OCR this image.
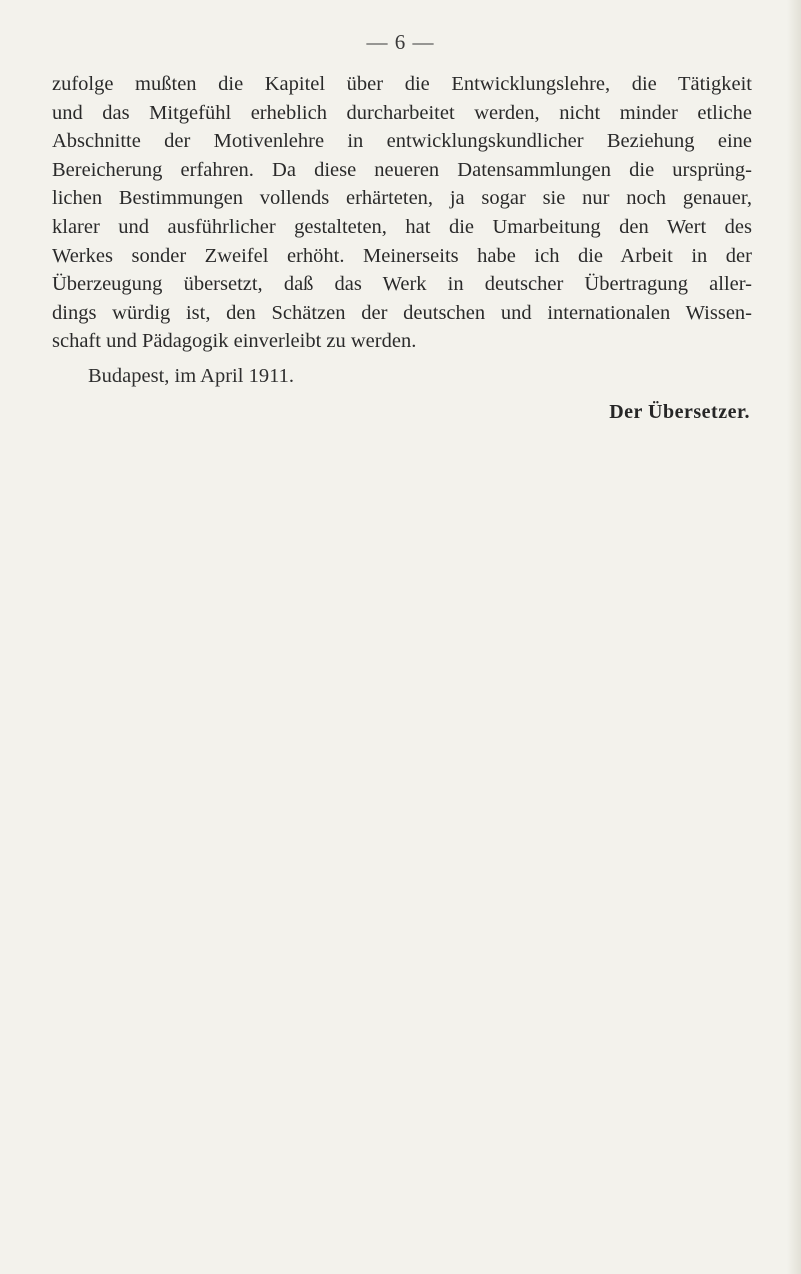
— 6 —
zufolge mußten die Kapitel über die Entwicklungslehre, die Tätigkeit
und das Mitgefühl erheblich durcharbeitet werden, nicht minder etliche
Abschnitte der Motivenlehre in entwicklungskundlicher Beziehung eine
Bereicherung erfahren. Da diese neueren Datensammlungen die ursprüng-
lichen Bestimmungen vollends erhärteten, ja sogar sie nur noch genauer,
klarer und ausführlicher gestalteten, hat die Umarbeitung den Wert des
Werkes sonder Zweifel erhöht. Meinerseits habe ich die Arbeit in der
Überzeugung übersetzt, daß das Werk in deutscher Übertragung aller-
dings würdig ist, den Schätzen der deutschen und internationalen Wissen-
schaft und Pädagogik einverleibt zu werden.
Budapest, im April 1911.
Der Übersetzer.
